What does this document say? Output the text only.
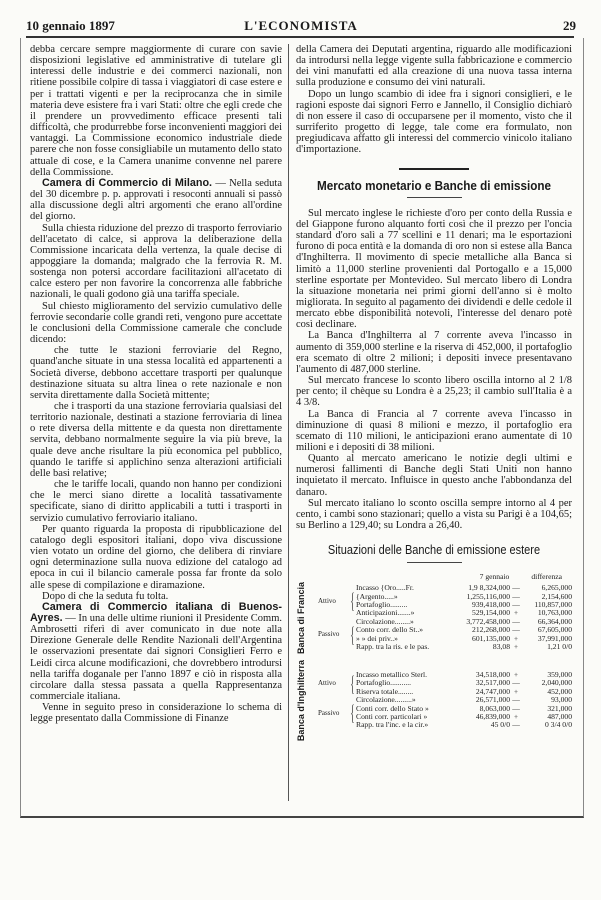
10 gennaio 1897	L'ECONOMISTA	29

debba cercare sempre maggiormente di curare con savie disposizioni legislative ed amministrative di tutelare gli interessi delle industrie e dei commerci nazionali, non ritiene possibile colpire di tassa i viaggiatori di case estere e per i trattati vigenti e per la reciprocanza che in simile materia deve esistere fra i vari Stati: oltre che egli crede che il prendere un provvedimento efficace presenti tali difficoltà, che produrrebbe forse inconvenienti maggiori dei vantaggi. La Commissione economico industriale diede parere che non fosse consigliabile un mutamento dello stato attuale di cose, e la Camera unanime convenne nel parere della Commissione.

Camera di Commercio di Milano. — Nella seduta del 30 dicembre p. p. approvati i resoconti annuali si passò alla discussione degli altri argomenti che erano all'ordine del giorno.

Sulla chiesta riduzione del prezzo di trasporto ferroviario dell'acetato di calce, si approva la deliberazione della Commissione incaricata della vertenza, la quale decise di appoggiare la domanda; malgrado che la ferrovia R. M. sostenga non potersi accordare facilitazioni all'acetato di calce estero per non favorire la concorrenza alle fabbriche nazionali, le quali godono già una tariffa speciale.

Sul chiesto miglioramento del servizio cumulativo delle ferrovie secondarie colle grandi reti, vengono pure accettate le conclusioni della Commissione camerale che conclude dicendo:

che tutte le stazioni ferroviarie del Regno, quand'anche situate in una stessa località ed appartenenti a Società diverse, debbono accettare trasporti per qualunque destinazione situata su altra linea o rete nazionale e non servita direttamente dalla Società mittente;

che i trasporti da una stazione ferroviaria qualsiasi del territorio nazionale, destinati a stazione ferroviaria di linea o rete diversa della mittente e da questa non direttamente servita, debbano normalmente seguire la via più breve, la quale deve anche risultare la più economica pel pubblico, quando le tariffe si applichino senza alterazioni artificiali delle basi relative;

che le tariffe locali, quando non hanno per condizioni che le merci siano dirette a località tassativamente specificate, siano di diritto applicabili a tutti i trasporti in servizio cumulativo ferroviario italiano.

Per quanto riguarda la proposta di ripubblicazione del catalogo degli espositori italiani, dopo viva discussione vien votato un ordine del giorno, che delibera di rinviare ogni determinazione sulla nuova edizione del catalogo ad epoca in cui il bilancio camerale possa far fronte da solo alle spese di compilazione e diramazione.

Dopo di che la seduta fu tolta.

Camera di Commercio italiana di Buenos-Ayres. — In una delle ultime riunioni il Presidente Comm. Ambrosetti riferì di aver comunicato in due note alla Direzione Generale delle Rendite Nazionali dell'Argentina le osservazioni presentate dai signori Consiglieri Ferro e Leidi circa alcune modificazioni, che dovrebbero introdursi nella tariffa doganale per l'anno 1897 e ciò in risposta alla circolare dalla stessa passata a quella Rappresentanza commerciale italiana.

Venne in seguito preso in considerazione lo schema di legge presentato dalla Commissione di Finanze

della Camera dei Deputati argentina, riguardo alle modificazioni da introdursi nella legge vigente sulla fabbricazione e commercio dei vini manufatti ed alla creazione di una nuova tassa interna sulla produzione e consumo dei vini naturali.

Dopo un lungo scambio di idee fra i signori consiglieri, e le ragioni esposte dai signori Ferro e Jannello, il Consiglio dichiarò di non essere il caso di occuparsene per il momento, visto che il surriferito progetto di legge, tale come era formulato, non pregiudicava affatto gli interessi del commercio vinicolo italiano d'importazione.

Mercato monetario e Banche di emissione

Sul mercato inglese le richieste d'oro per conto della Russia e del Giappone furono alquanto forti così che il prezzo per l'oncia standard d'oro salì a 77 scellini e 11 denari; ma le esportazioni furono di poca entità e la domanda di oro non si estese alla Banca d'Inghilterra. Il movimento di specie metalliche alla Banca si limitò a 11,000 sterline provenienti dal Portogallo e a 15,000 sterline esportate per Montevideo. Sul mercato libero di Londra la situazione monetaria nei primi giorni dell'anno si è molto migliorata. In seguito al pagamento dei dividendi e delle cedole il mercato ebbe disponibilità notevoli, l'interesse del denaro potè così declinare.

La Banca d'Inghilterra al 7 corrente aveva l'incasso in aumento di 359,000 sterline e la riserva di 452,000, il portafoglio era scemato di oltre 2 milioni; i depositi invece presentavano l'aumento di 487,000 sterline.

Sul mercato francese lo sconto libero oscilla intorno al 2 1/8 per cento; il chèque su Londra è a 25,23; il cambio sull'Italia è a 4 3/8.

La Banca di Francia al 7 corrente aveva l'incasso in diminuzione di quasi 8 milioni e mezzo, il portafoglio era scemato di 110 milioni, le anticipazioni erano aumentate di 10 milioni e i depositi di 38 milioni.

Quanto al mercato americano le notizie degli ultimi e numerosi fallimenti di Banche degli Stati Uniti non hanno inquietato il mercato. Influisce in questo anche l'abbondanza del danaro.

Sul mercato italiano lo sconto oscilla sempre intorno al 4 per cento, i cambi sono stazionari; quello a vista su Parigi è a 104,65; su Berlino a 129,40; su Londra a 26,40.

Situazioni delle Banche di emissione estere
7 gennaio	differenza
Banca di Francia	Attivo {
Incasso {Oro.....Fr.	1,9 8,324,000 —	6,265,000
{Argento.....»	1,255,116,000 —	2,154,600
Portafoglio.........	939,418,000 —	110,857,000
Anticipazioni.......»	529,154,000 +	10,763,000
Passivo {
Circolazione........»	3,772,458,000 —	66,364,000
Conto corr. dello St..»	212,268,000 —	67,605,000
» » dei priv..»	601,135,000 +	37,991,000
Rapp. tra la ris. e le pas.	83,08 +	1,21 0/0
Banca d'Inghilterra	Attivo { Incasso metallico Sterl.	34,518,000 +	359,000
Portafoglio...........	32,517,000 —	2,040,000
Riserva totale........	24,747,000 +	452,000
Passivo {
Circolazione.........»	26,571,000 —	93,000
Conti corr. dello Stato »	8,063,000 —	321,000
Conti corr. particolari »	46,839,000 +	487,000
Rapp. tra l'inc. e la cir.»	45 0/0 —	0 3/4 0/0
